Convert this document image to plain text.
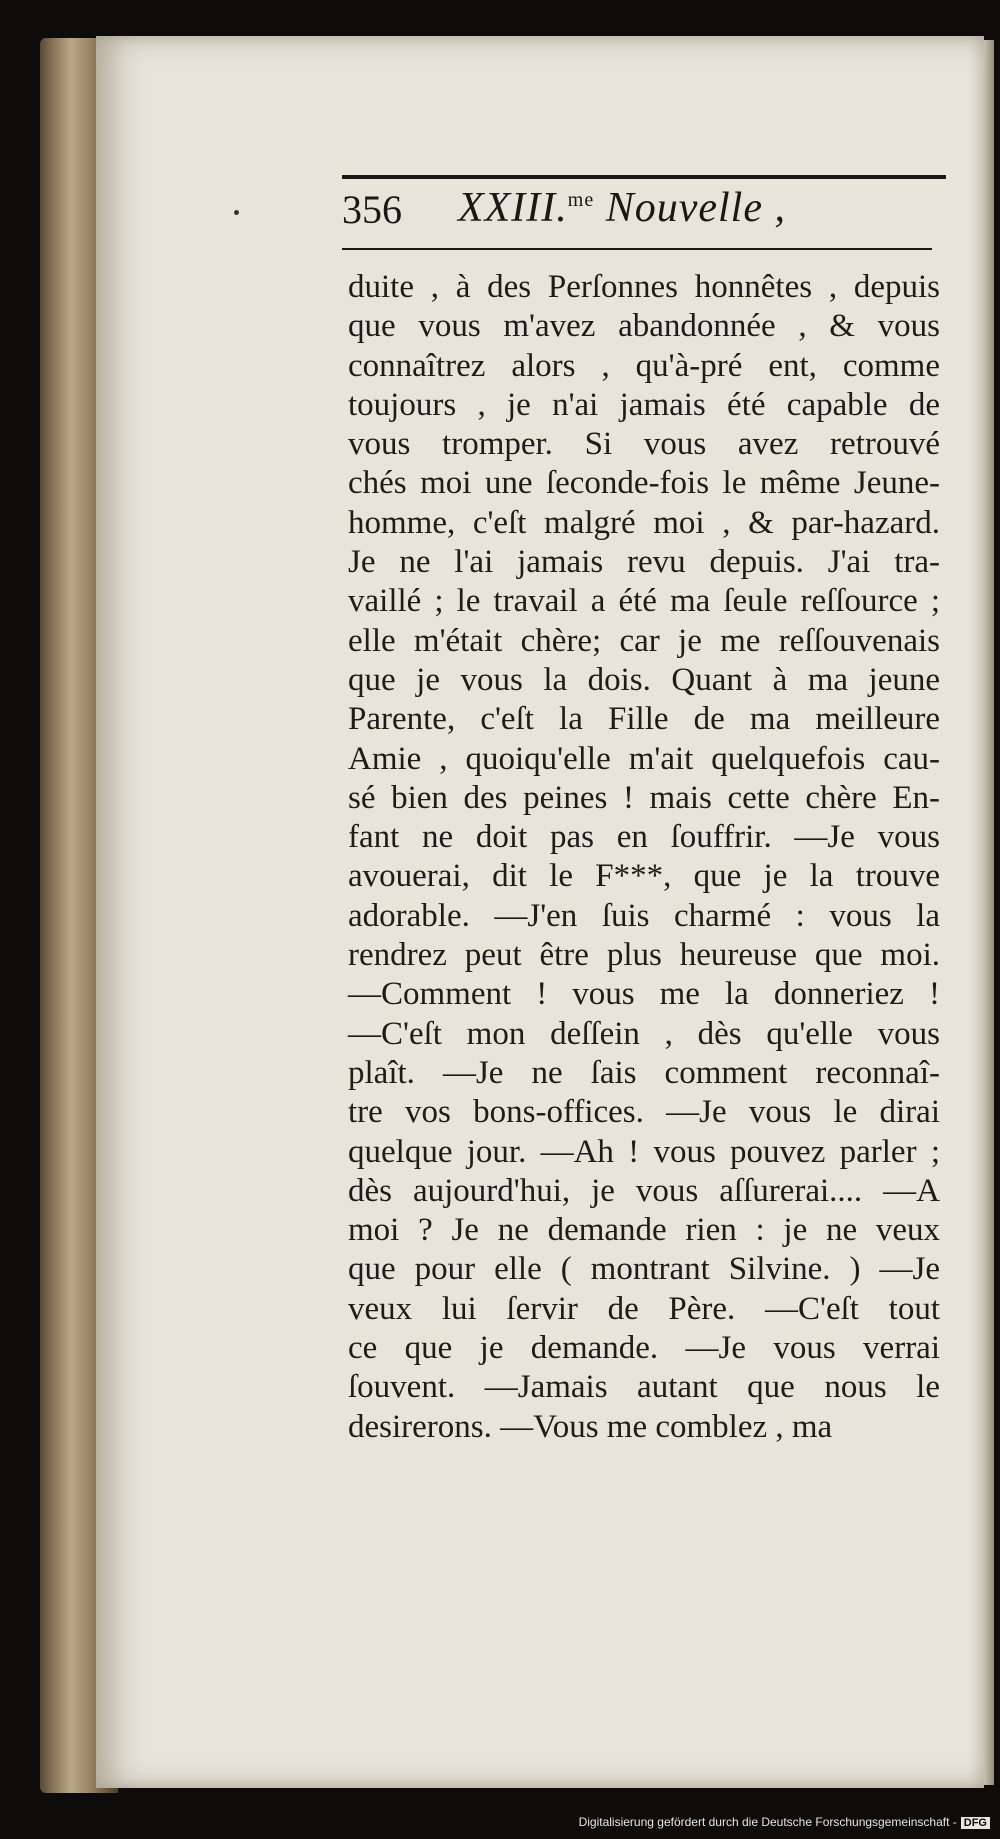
356 XXIII.$^{me}$ Nouvelle ,
duite , à des Perſonnes honnêtes , depuis
que vous m'avez abandonnée , & vous
connaîtrez alors , qu'à-pré ent, comme
toujours , je n'ai jamais été capable de
vous tromper. Si vous avez retrouvé
chés moi une ſeconde-fois le même Jeune-
homme, c'eſt malgré moi , & par-hazard.
Je ne l'ai jamais revu depuis. J'ai tra-
vaillé ; le travail a été ma ſeule reſſource ;
elle m'était chère; car je me reſſouvenais
que je vous la dois. Quant à ma jeune
Parente, c'eſt la Fille de ma meilleure
Amie , quoiqu'elle m'ait quelquefois cau-
sé bien des peines ! mais cette chère En-
fant ne doit pas en ſouffrir. —Je vous
avouerai, dit le F***, que je la trouve
adorable. —J'en ſuis charmé : vous la
rendrez peut être plus heureuse que moi.
—Comment ! vous me la donneriez !
—C'eſt mon deſſein , dès qu'elle vous
plaît. —Je ne ſais comment reconnaî-
tre vos bons-offices. —Je vous le dirai
quelque jour. —Ah ! vous pouvez parler ;
dès aujourd'hui, je vous aſſurerai.... —A
moi ? Je ne demande rien : je ne veux
que pour elle ( montrant Silvine. ) —Je
veux lui ſervir de Père. —C'eſt tout
ce que je demande. —Je vous verrai
ſouvent. —Jamais autant que nous le
desirerons. —Vous me comblez , ma
Digitalisierung gefördert durch die Deutsche Forschungsgemeinschaft - DFG
